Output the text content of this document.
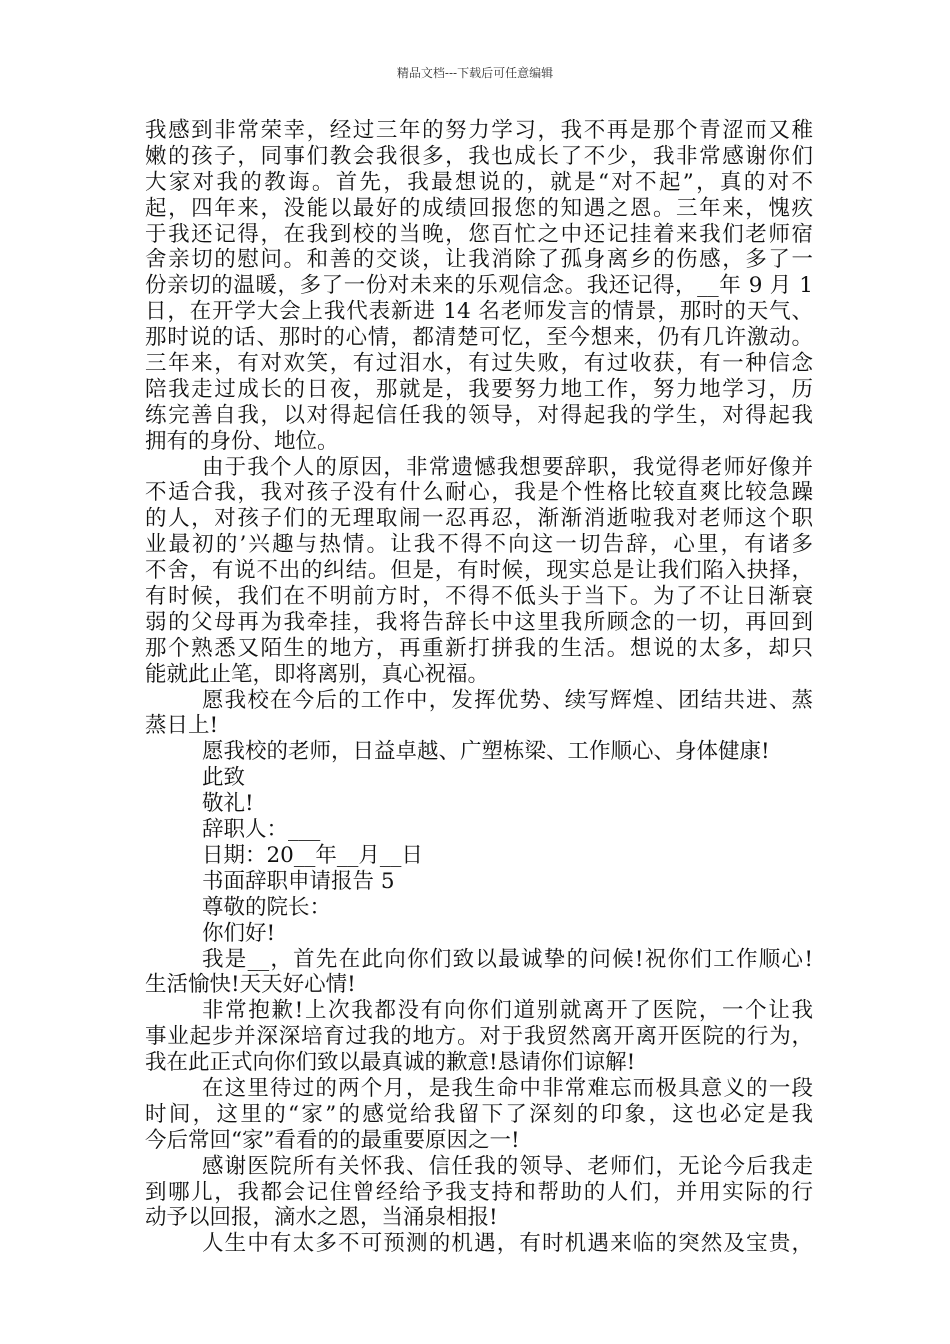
精品文档---下载后可任意编辑
我感到非常荣幸，经过三年的努力学习，我不再是那个青涩而又稚
嫩的孩子，同事们教会我很多，我也成长了不少，我非常感谢你们
大家对我的教诲。首先，我最想说的，就是“对不起”，真的对不
起，四年来，没能以最好的成绩回报您的知遇之恩。三年来，愧疚
于我还记得，在我到校的当晚，您百忙之中还记挂着来我们老师宿
舍亲切的慰问。和善的交谈，让我消除了孤身离乡的伤感，多了一
份亲切的温暖，多了一份对未来的乐观信念。我还记得，__年 9 月 1
日，在开学大会上我代表新进 14 名老师发言的情景，那时的天气、
那时说的话、那时的心情，都清楚可忆，至今想来，仍有几许激动。
三年来，有对欢笑，有过泪水，有过失败，有过收获，有一种信念
陪我走过成长的日夜，那就是，我要努力地工作，努力地学习，历
练完善自我，以对得起信任我的领导，对得起我的学生，对得起我
拥有的身份、地位。
由于我个人的原因，非常遗憾我想要辞职，我觉得老师好像并
不适合我，我对孩子没有什么耐心，我是个性格比较直爽比较急躁
的人，对孩子们的无理取闹一忍再忍，渐渐消逝啦我对老师这个职
业最初的’兴趣与热情。让我不得不向这一切告辞，心里，有诸多
不舍，有说不出的纠结。但是，有时候，现实总是让我们陷入抉择，
有时候，我们在不明前方时，不得不低头于当下。为了不让日渐衰
弱的父母再为我牵挂，我将告辞长中这里我所顾念的一切，再回到
那个熟悉又陌生的地方，再重新打拼我的生活。想说的太多，却只
能就此止笔，即将离别，真心祝福。
愿我校在今后的工作中，发挥优势、续写辉煌、团结共进、蒸
蒸日上!
愿我校的老师，日益卓越、广塑栋梁、工作顺心、身体健康!
此致
敬礼!
辞职人：___
日期：20__年__月__日
书面辞职申请报告 5
尊敬的院长：
你们好!
我是__，首先在此向你们致以最诚挚的问候!祝你们工作顺心!
生活愉快!天天好心情!
非常抱歉!上次我都没有向你们道别就离开了医院，一个让我
事业起步并深深培育过我的地方。对于我贸然离开离开医院的行为，
我在此正式向你们致以最真诚的歉意!恳请你们谅解!
在这里待过的两个月，是我生命中非常难忘而极具意义的一段
时间，这里的“家”的感觉给我留下了深刻的印象，这也必定是我
今后常回“家”看看的的最重要原因之一!
感谢医院所有关怀我、信任我的领导、老师们，无论今后我走
到哪儿，我都会记住曾经给予我支持和帮助的人们，并用实际的行
动予以回报，滴水之恩，当涌泉相报!
人生中有太多不可预测的机遇，有时机遇来临的突然及宝贵，
